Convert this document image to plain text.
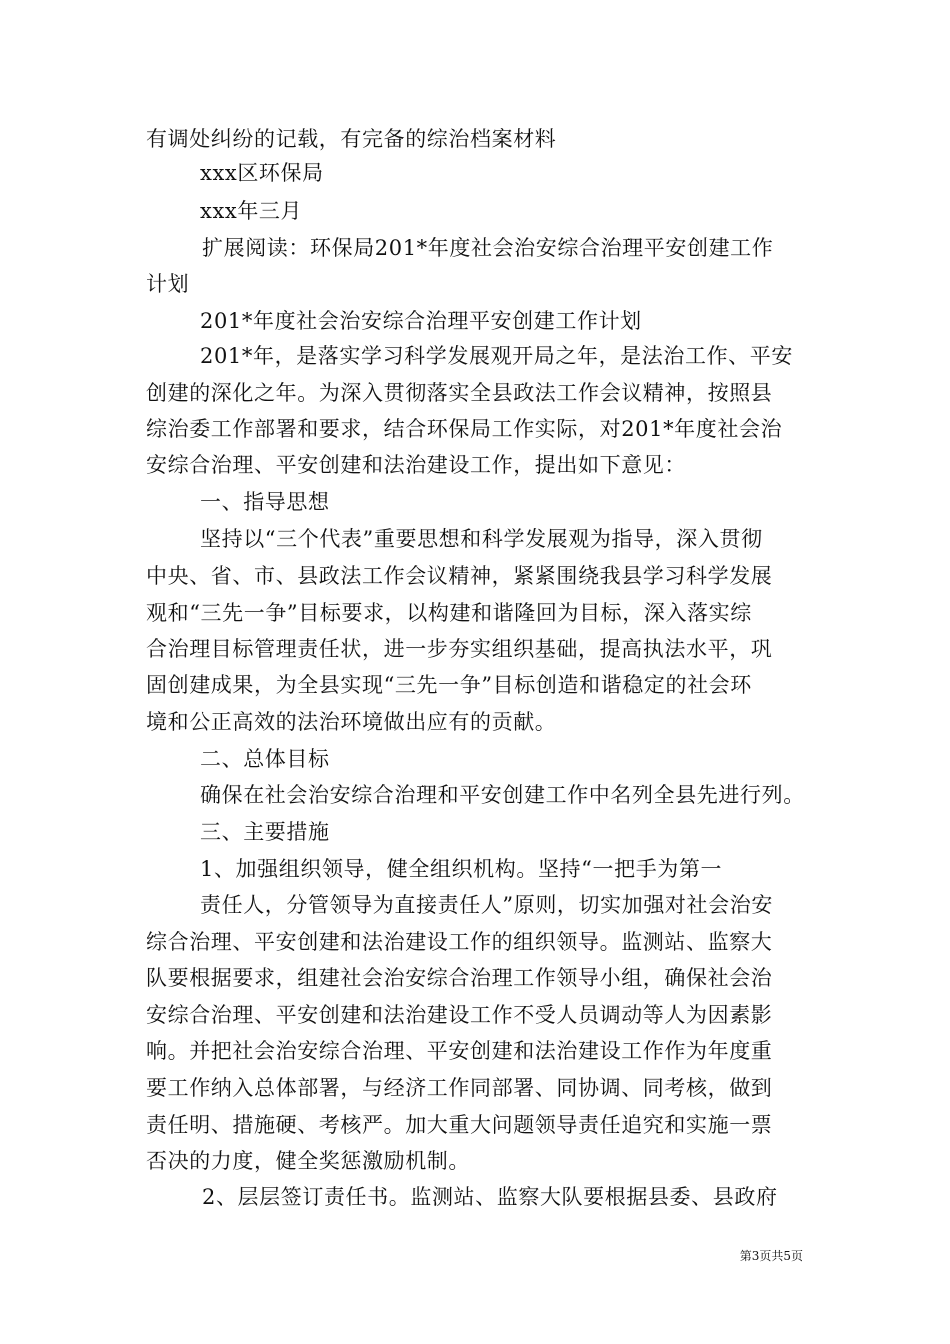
有调处纠纷的记载，有完备的综治档案材料
xxx区环保局
xxx年三月
扩展阅读：环保局201*年度社会治安综合治理平安创建工作
计划
201*年度社会治安综合治理平安创建工作计划
201*年，是落实学习科学发展观开局之年，是法治工作、平安
创建的深化之年。为深入贯彻落实全县政法工作会议精神，按照县
综治委工作部署和要求，结合环保局工作实际，对201*年度社会治
安综合治理、平安创建和法治建设工作，提出如下意见：
一、指导思想
坚持以“三个代表”重要思想和科学发展观为指导，深入贯彻
中央、省、市、县政法工作会议精神，紧紧围绕我县学习科学发展
观和“三先一争”目标要求，以构建和谐隆回为目标，深入落实综
合治理目标管理责任状，进一步夯实组织基础，提高执法水平，巩
固创建成果，为全县实现“三先一争”目标创造和谐稳定的社会环
境和公正高效的法治环境做出应有的贡献。
二、总体目标
确保在社会治安综合治理和平安创建工作中名列全县先进行列。
三、主要措施
1、加强组织领导，健全组织机构。坚持“一把手为第一
责任人，分管领导为直接责任人”原则，切实加强对社会治安
综合治理、平安创建和法治建设工作的组织领导。监测站、监察大
队要根据要求，组建社会治安综合治理工作领导小组，确保社会治
安综合治理、平安创建和法治建设工作不受人员调动等人为因素影
响。并把社会治安综合治理、平安创建和法治建设工作作为年度重
要工作纳入总体部署，与经济工作同部署、同协调、同考核，做到
责任明、措施硬、考核严。加大重大问题领导责任追究和实施一票
否决的力度，健全奖惩激励机制。
2、层层签订责任书。监测站、监察大队要根据县委、县政府
第3页共5页
